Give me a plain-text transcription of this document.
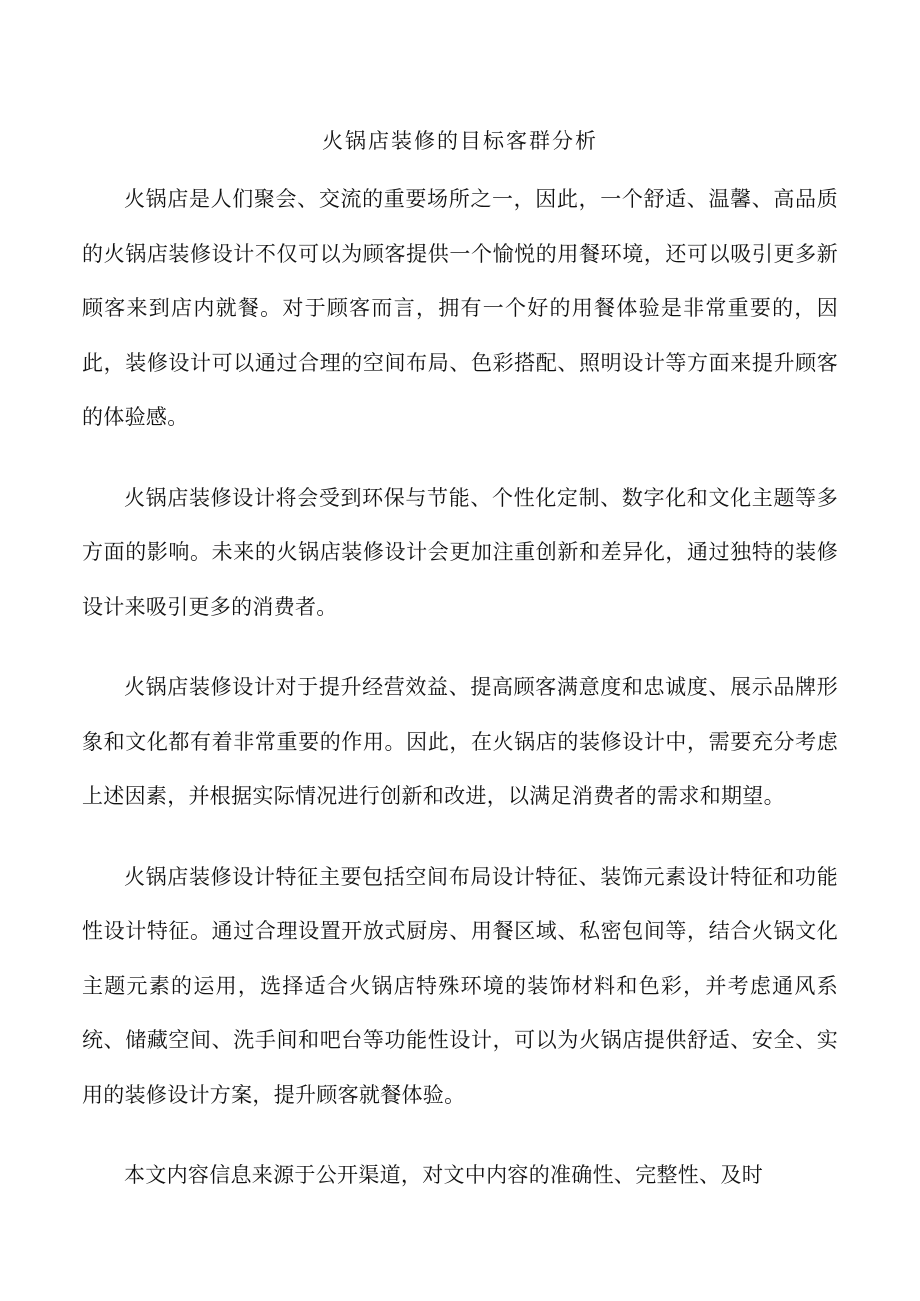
火锅店装修的目标客群分析

火锅店是人们聚会、交流的重要场所之一，因此，一个舒适、温馨、高品质的火锅店装修设计不仅可以为顾客提供一个愉悦的用餐环境，还可以吸引更多新顾客来到店内就餐。对于顾客而言，拥有一个好的用餐体验是非常重要的，因此，装修设计可以通过合理的空间布局、色彩搭配、照明设计等方面来提升顾客的体验感。

火锅店装修设计将会受到环保与节能、个性化定制、数字化和文化主题等多方面的影响。未来的火锅店装修设计会更加注重创新和差异化，通过独特的装修设计来吸引更多的消费者。

火锅店装修设计对于提升经营效益、提高顾客满意度和忠诚度、展示品牌形象和文化都有着非常重要的作用。因此，在火锅店的装修设计中，需要充分考虑上述因素，并根据实际情况进行创新和改进，以满足消费者的需求和期望。

火锅店装修设计特征主要包括空间布局设计特征、装饰元素设计特征和功能性设计特征。通过合理设置开放式厨房、用餐区域、私密包间等，结合火锅文化主题元素的运用，选择适合火锅店特殊环境的装饰材料和色彩，并考虑通风系统、储藏空间、洗手间和吧台等功能性设计，可以为火锅店提供舒适、安全、实用的装修设计方案，提升顾客就餐体验。

本文内容信息来源于公开渠道，对文中内容的准确性、完整性、及时
